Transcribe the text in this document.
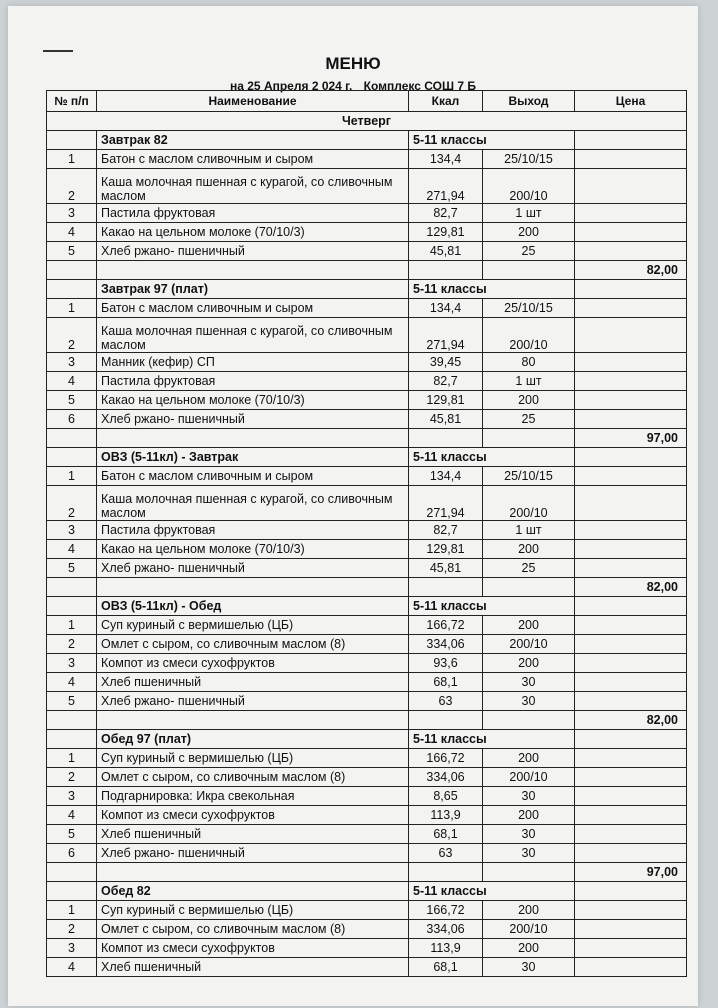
МЕНЮ
на 25 Апреля 2 024 г. Комплекс СОШ 7 Б
№ п/п	Наименование	Ккал	Выход	Цена
Четверг				
	Завтрак 82	5-11 классы		
1	Батон с маслом сливочным и сыром	134,4	25/10/15	
2	Каша молочная пшенная с курагой, со сливочным маслом	271,94	200/10	
3	Пастила фруктовая	82,7	1 шт	
4	Какао на цельном молоке (70/10/3)	129,81	200	
5	Хлеб ржано- пшеничный	45,81	25	
				82,00
	Завтрак 97 (плат)	5-11 классы		
1	Батон с маслом сливочным и сыром	134,4	25/10/15	
2	Каша молочная пшенная с курагой, со сливочным маслом	271,94	200/10	
3	Манник (кефир) СП	39,45	80	
4	Пастила фруктовая	82,7	1 шт	
5	Какао на цельном молоке (70/10/3)	129,81	200	
6	Хлеб ржано- пшеничный	45,81	25	
				97,00
	ОВЗ (5-11кл) - Завтрак	5-11 классы		
1	Батон с маслом сливочным и сыром	134,4	25/10/15	
2	Каша молочная пшенная с курагой, со сливочным маслом	271,94	200/10	
3	Пастила фруктовая	82,7	1 шт	
4	Какао на цельном молоке (70/10/3)	129,81	200	
5	Хлеб ржано- пшеничный	45,81	25	
				82,00
	ОВЗ (5-11кл) - Обед	5-11 классы		
1	Суп куриный с вермишелью (ЦБ)	166,72	200	
2	Омлет с сыром, со сливочным маслом (8)	334,06	200/10	
3	Компот из смеси сухофруктов	93,6	200	
4	Хлеб пшеничный	68,1	30	
5	Хлеб ржано- пшеничный	63	30	
				82,00
	Обед 97 (плат)	5-11 классы		
1	Суп куриный с вермишелью (ЦБ)	166,72	200	
2	Омлет с сыром, со сливочным маслом (8)	334,06	200/10	
3	Подгарнировка: Икра свекольная	8,65	30	
4	Компот из смеси сухофруктов	113,9	200	
5	Хлеб пшеничный	68,1	30	
6	Хлеб ржано- пшеничный	63	30	
				97,00
	Обед 82	5-11 классы		
1	Суп куриный с вермишелью (ЦБ)	166,72	200	
2	Омлет с сыром, со сливочным маслом (8)	334,06	200/10	
3	Компот из смеси сухофруктов	113,9	200	
4	Хлеб пшеничный	68,1	30	
